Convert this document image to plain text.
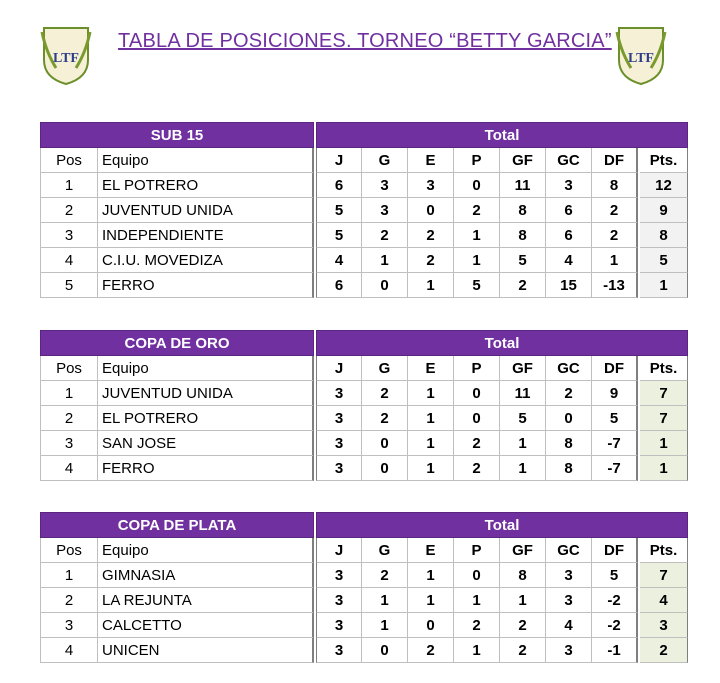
LTF	LTF
TABLA DE POSICIONES. TORNEO “BETTY GARCIA”
SUB 15	Total
Pos	Equipo	J	G	E	P	GF	GC	DF	Pts.
1	EL POTRERO	6	3	3	0	11	3	8	12
2	JUVENTUD UNIDA	5	3	0	2	8	6	2	9
3	INDEPENDIENTE	5	2	2	1	8	6	2	8
4	C.I.U. MOVEDIZA	4	1	2	1	5	4	1	5
5	FERRO	6	0	1	5	2	15	-13	1
COPA DE ORO	Total
Pos	Equipo	J	G	E	P	GF	GC	DF	Pts.
1	JUVENTUD UNIDA	3	2	1	0	11	2	9	7
2	EL POTRERO	3	2	1	0	5	0	5	7
3	SAN JOSE	3	0	1	2	1	8	-7	1
4	FERRO	3	0	1	2	1	8	-7	1
COPA DE PLATA	Total
Pos	Equipo	J	G	E	P	GF	GC	DF	Pts.
1	GIMNASIA	3	2	1	0	8	3	5	7
2	LA REJUNTA	3	1	1	1	1	3	-2	4
3	CALCETTO	3	1	0	2	2	4	-2	3
4	UNICEN	3	0	2	1	2	3	-1	2
